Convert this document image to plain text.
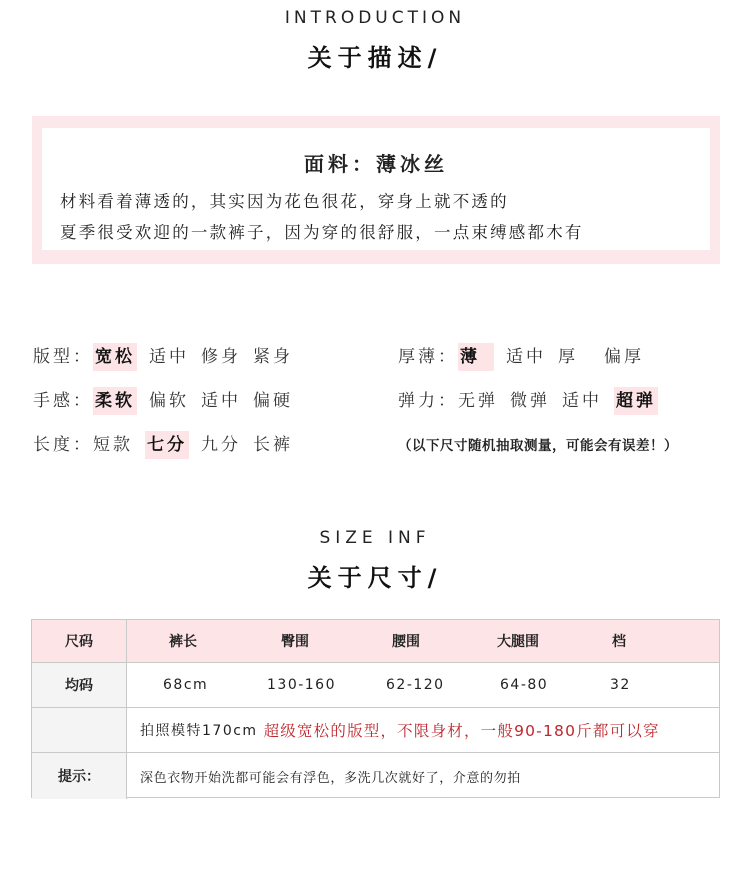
INTRODUCTION
关于描述/
面料：薄冰丝
材料看着薄透的，其实因为花色很花，穿身上就不透的
夏季很受欢迎的一款裤子，因为穿的很舒服，一点束缚感都木有
版型： 宽松 适中 修身 紧身	厚薄： 薄 适中 厚 偏厚
手感： 柔软 偏软 适中 偏硬	弹力：无弹 微弹 适中 超弹
长度：短款 七分 九分 长裤	（以下尺寸随机抽取测量，可能会有误差！）
SIZE INF
关于尺寸/
尺码	裤长	臀围	腰围	大腿围	档
均码	68cm	130-160	62-120	64-80	32
拍照模特170cm 超级宽松的版型，不限身材，一般90-180斤都可以穿
提示：	深色衣物开始洗都可能会有浮色，多洗几次就好了，介意的勿拍
